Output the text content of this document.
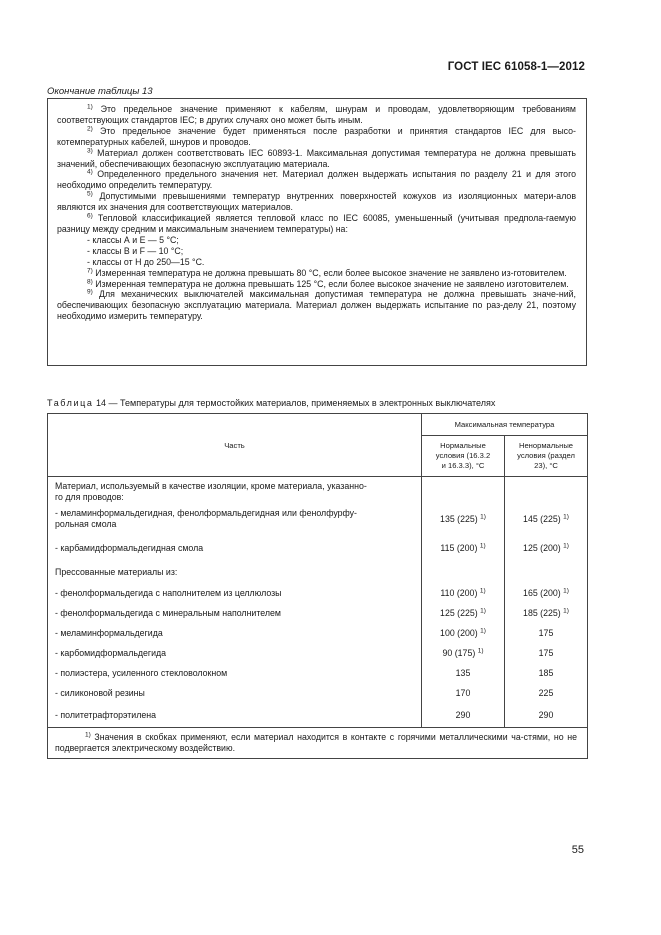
ГОСТ IEC 61058-1—2012
Окончание таблицы 13

$^{1)}$ Это предельное значение применяют к кабелям, шнурам и проводам, удовлетворяющим требованиям соответствующих стандартов IEC; в других случаях оно может быть иным.

$^{2)}$ Это предельное значение будет применяться после разработки и принятия стандартов IEC для высо-котемпературных кабелей, шнуров и проводов.

$^{3)}$ Материал должен соответствовать IEC 60893-1. Максимальная допустимая температура не должна превышать значений, обеспечивающих безопасную эксплуатацию материала.

$^{4)}$ Определенного предельного значения нет. Материал должен выдержать испытания по разделу 21 и для этого необходимо определить температуру.

$^{5)}$ Допустимыми превышениями температур внутренних поверхностей кожухов из изоляционных матери-алов являются их значения для соответствующих материалов.

$^{6)}$ Тепловой классификацией является тепловой класс по IEC 60085, уменьшенный (учитывая предпола-гаемую разницу между средним и максимальным значением температуры) на:

- классы А и Е — 5 °С;

- классы В и F — 10 °С;

- классы от Н до 250—15 °С.

$^{7)}$ Измеренная температура не должна превышать 80 °С, если более высокое значение не заявлено из-готовителем.

$^{8)}$ Измеренная температура не должна превышать 125 °С, если более высокое значение не заявлено изготовителем.

$^{9)}$ Для механических выключателей максимальная допустимая температура не должна превышать значе-ний, обеспечивающих безопасную эксплуатацию материала. Материал должен выдержать испытание по раз-делу 21, поэтому необходимо измерить температуру.

Таблица 14 — Температуры для термостойких материалов, применяемых в электронных выключателях
Часть	Максимальная температура	
	Нормальные
условия (16.3.2
и 16.3.3), °С	Ненормальные
условия (раздел
23), °С
Материал, используемый в качестве изоляции, кроме материала, указанно-
го для проводов:		
- меламинформальдегидная, фенолформальдегидная или фенолфурфу-
рольная смола	135 (225) $^{1)}$	145 (225) $^{1)}$
- карбамидформальдегидная смола	115 (200) $^{1)}$	125 (200) $^{1)}$
Прессованные материалы из:		
- фенолформальдегида с наполнителем из целлюлозы	110 (200) $^{1)}$	165 (200) $^{1)}$
- фенолформальдегида с минеральным наполнителем	125 (225) $^{1)}$	185 (225) $^{1)}$
- меламинформальдегида	100 (200) $^{1)}$	175
- карбомидформальдегида	90 (175) $^{1)}$	175
- полиэстера, усиленного стекловолокном	135	185
- силиконовой резины	170	225
- политетрафторэтилена	290	290
$^{1)}$ Значения в скобках применяют, если материал находится в контакте с горячими металлическими ча-стями, но не подвергается электрическому воздействию.		
55
